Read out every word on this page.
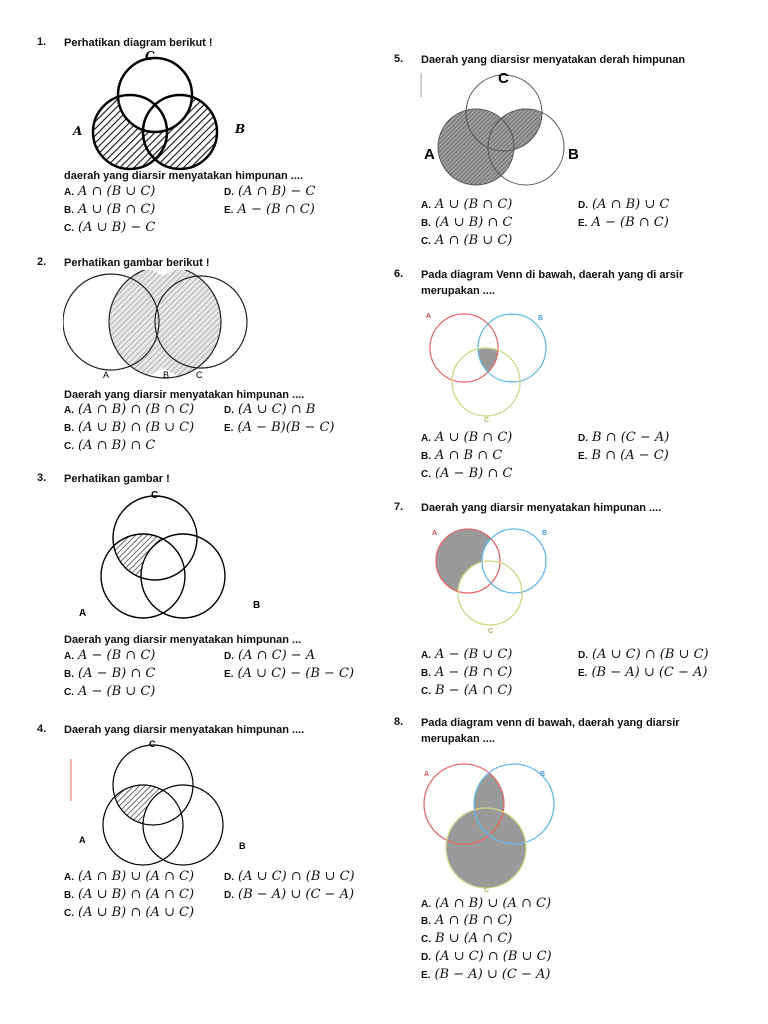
1. Perhatikan diagram berikut !
C
A	B
daerah yang diarsir menyatakan himpunan ....
A. A ∩ (B ∪ C)	D. (A ∩ B) − C
B. A ∪ (B ∩ C)	E. A − (B ∩ C)
C. (A ∪ B) − C
2. Perhatikan gambar berikut !
A	B	C
Daerah yang diarsir menyatakan himpunan ....
A. (A ∩ B) ∩ (B ∩ C)	D. (A ∪ C) ∩ B
B. (A ∪ B) ∩ (B ∪ C)	E. (A − B)(B − C)
C. (A ∩ B) ∩ C
3. Perhatikan gambar !
C
A
B
Daerah yang diarsir menyatakan himpunan ...
A. A − (B ∩ C)	D. (A ∩ C) − A
B. (A − B) ∩ C	E. (A ∪ C) − (B − C)
C. A − (B ∪ C)
4. Daerah yang diarsir menyatakan himpunan ....
C
A
B
A. (A ∩ B) ∪ (A ∩ C)	D. (A ∪ C) ∩ (B ∪ C)
B. (A ∪ B) ∩ (A ∩ C)	D. (B − A) ∪ (C − A)
C. (A ∪ B) ∩ (A ∪ C)
5. Daerah yang diarsisr menyatakan derah himpunan
C
A	B
A. A ∪ (B ∩ C)	D. (A ∩ B) ∪ C
B. (A ∪ B) ∩ C	E. A − (B ∩ C)
C. A ∩ (B ∪ C)
6. Pada diagram Venn di bawah, daerah yang di arsir
merupakan ....
A	B
C
A. A ∪ (B ∩ C)	D. B ∩ (C − A)
B. A ∩ B ∩ C	E. B ∩ (A − C)
C. (A − B) ∩ C
7. Daerah yang diarsir menyatakan himpunan ....
A	B
C
A. A − (B ∪ C)	D. (A ∪ C) ∩ (B ∪ C)
B. A − (B ∩ C)	E. (B − A) ∪ (C − A)
C. B − (A ∩ C)
8. Pada diagram venn di bawah, daerah yang diarsir
merupakan ....
A	B
C
A. (A ∩ B) ∪ (A ∩ C)
B. A ∩ (B ∩ C)
C. B ∪ (A ∩ C)
D. (A ∪ C) ∩ (B ∪ C)
E. (B − A) ∪ (C − A)
